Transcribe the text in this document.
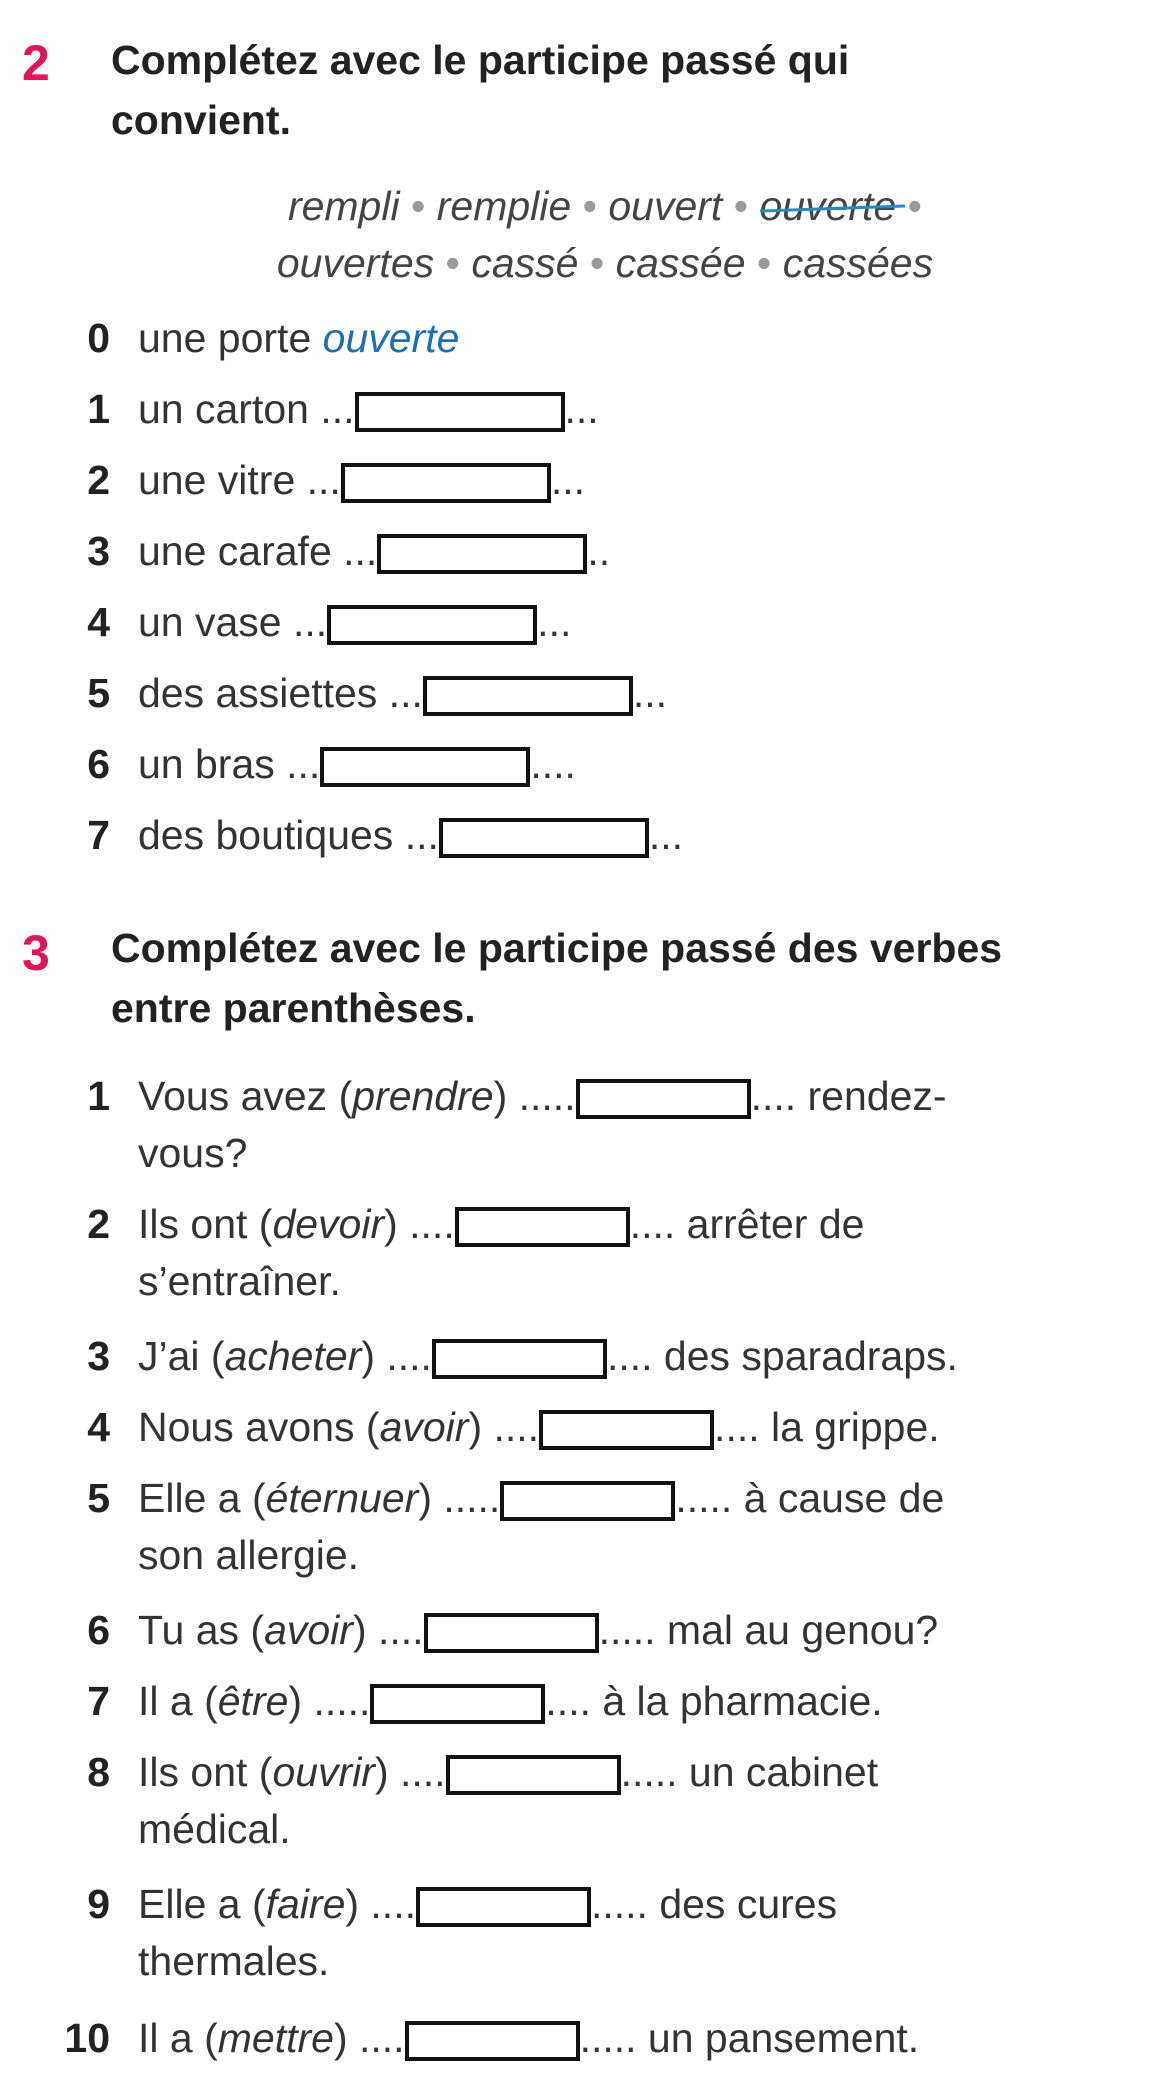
2 Complétez avec le participe passé qui
convient.
rempli • remplie • ouvert • ouverte •
ouvertes • cassé • cassée • cassées
0 une porte ouverte
1 un carton ...	...
2 une vitre ...	...
3 une carafe ...	..
4 un vase ...	...
5 des assiettes ...	...
6 un bras ...	....
7 des boutiques ...	...
3 Complétez avec le participe passé des verbes
entre parenthèses.
1 Vous avez (prendre) .....	.... rendez-
vous?
2 Ils ont (devoir) ....	.... arrêter de
s’entraîner.
3 J’ai (acheter) ....	.... des sparadraps.
4 Nous avons (avoir) ....	.... la grippe.
5 Elle a (éternuer) .....	..... à cause de
son allergie.
6 Tu as (avoir) ....	..... mal au genou?
7 Il a (être) .....	.... à la pharmacie.
8 Ils ont (ouvrir) ....	..... un cabinet
médical.
9 Elle a (faire) ....	..... des cures
thermales.
10 Il a (mettre) ....	..... un pansement.
